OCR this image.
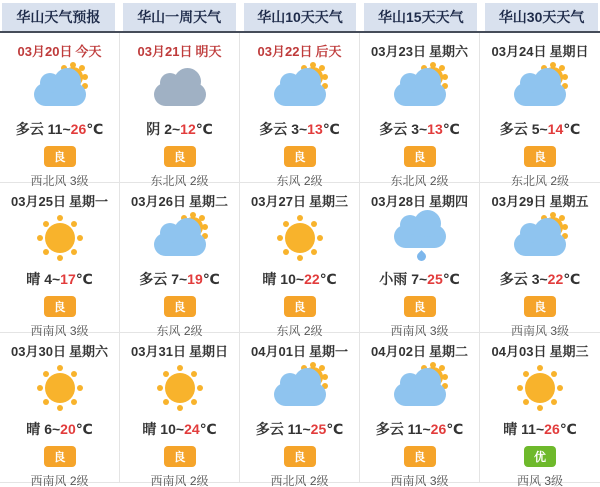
华山天气预报	华山一周天气	华山10天天气	华山15天天气	华山30天天气
03月20日 今天
多云 11~26℃
良
西北风 3级
03月21日 明天
阴 2~12℃
良
东北风 2级
03月22日 后天
多云 3~13℃
良
东风 2级
03月23日 星期六
多云 3~13℃
良
东北风 2级
03月24日 星期日
多云 5~14℃
良
东北风 2级
03月25日 星期一
晴 4~17℃
良
西南风 3级
03月26日 星期二
多云 7~19℃
良
东风 2级
03月27日 星期三
晴 10~22℃
良
东风 2级
03月28日 星期四
小雨 7~25℃
良
西南风 3级
03月29日 星期五
多云 3~22℃
良
西南风 3级
03月30日 星期六
晴 6~20℃
良
西南风 2级
03月31日 星期日
晴 10~24℃
良
西南风 2级
04月01日 星期一
多云 11~25℃
良
西北风 2级
04月02日 星期二
多云 11~26℃
良
西南风 3级
04月03日 星期三
晴 11~26℃
优
西风 3级
